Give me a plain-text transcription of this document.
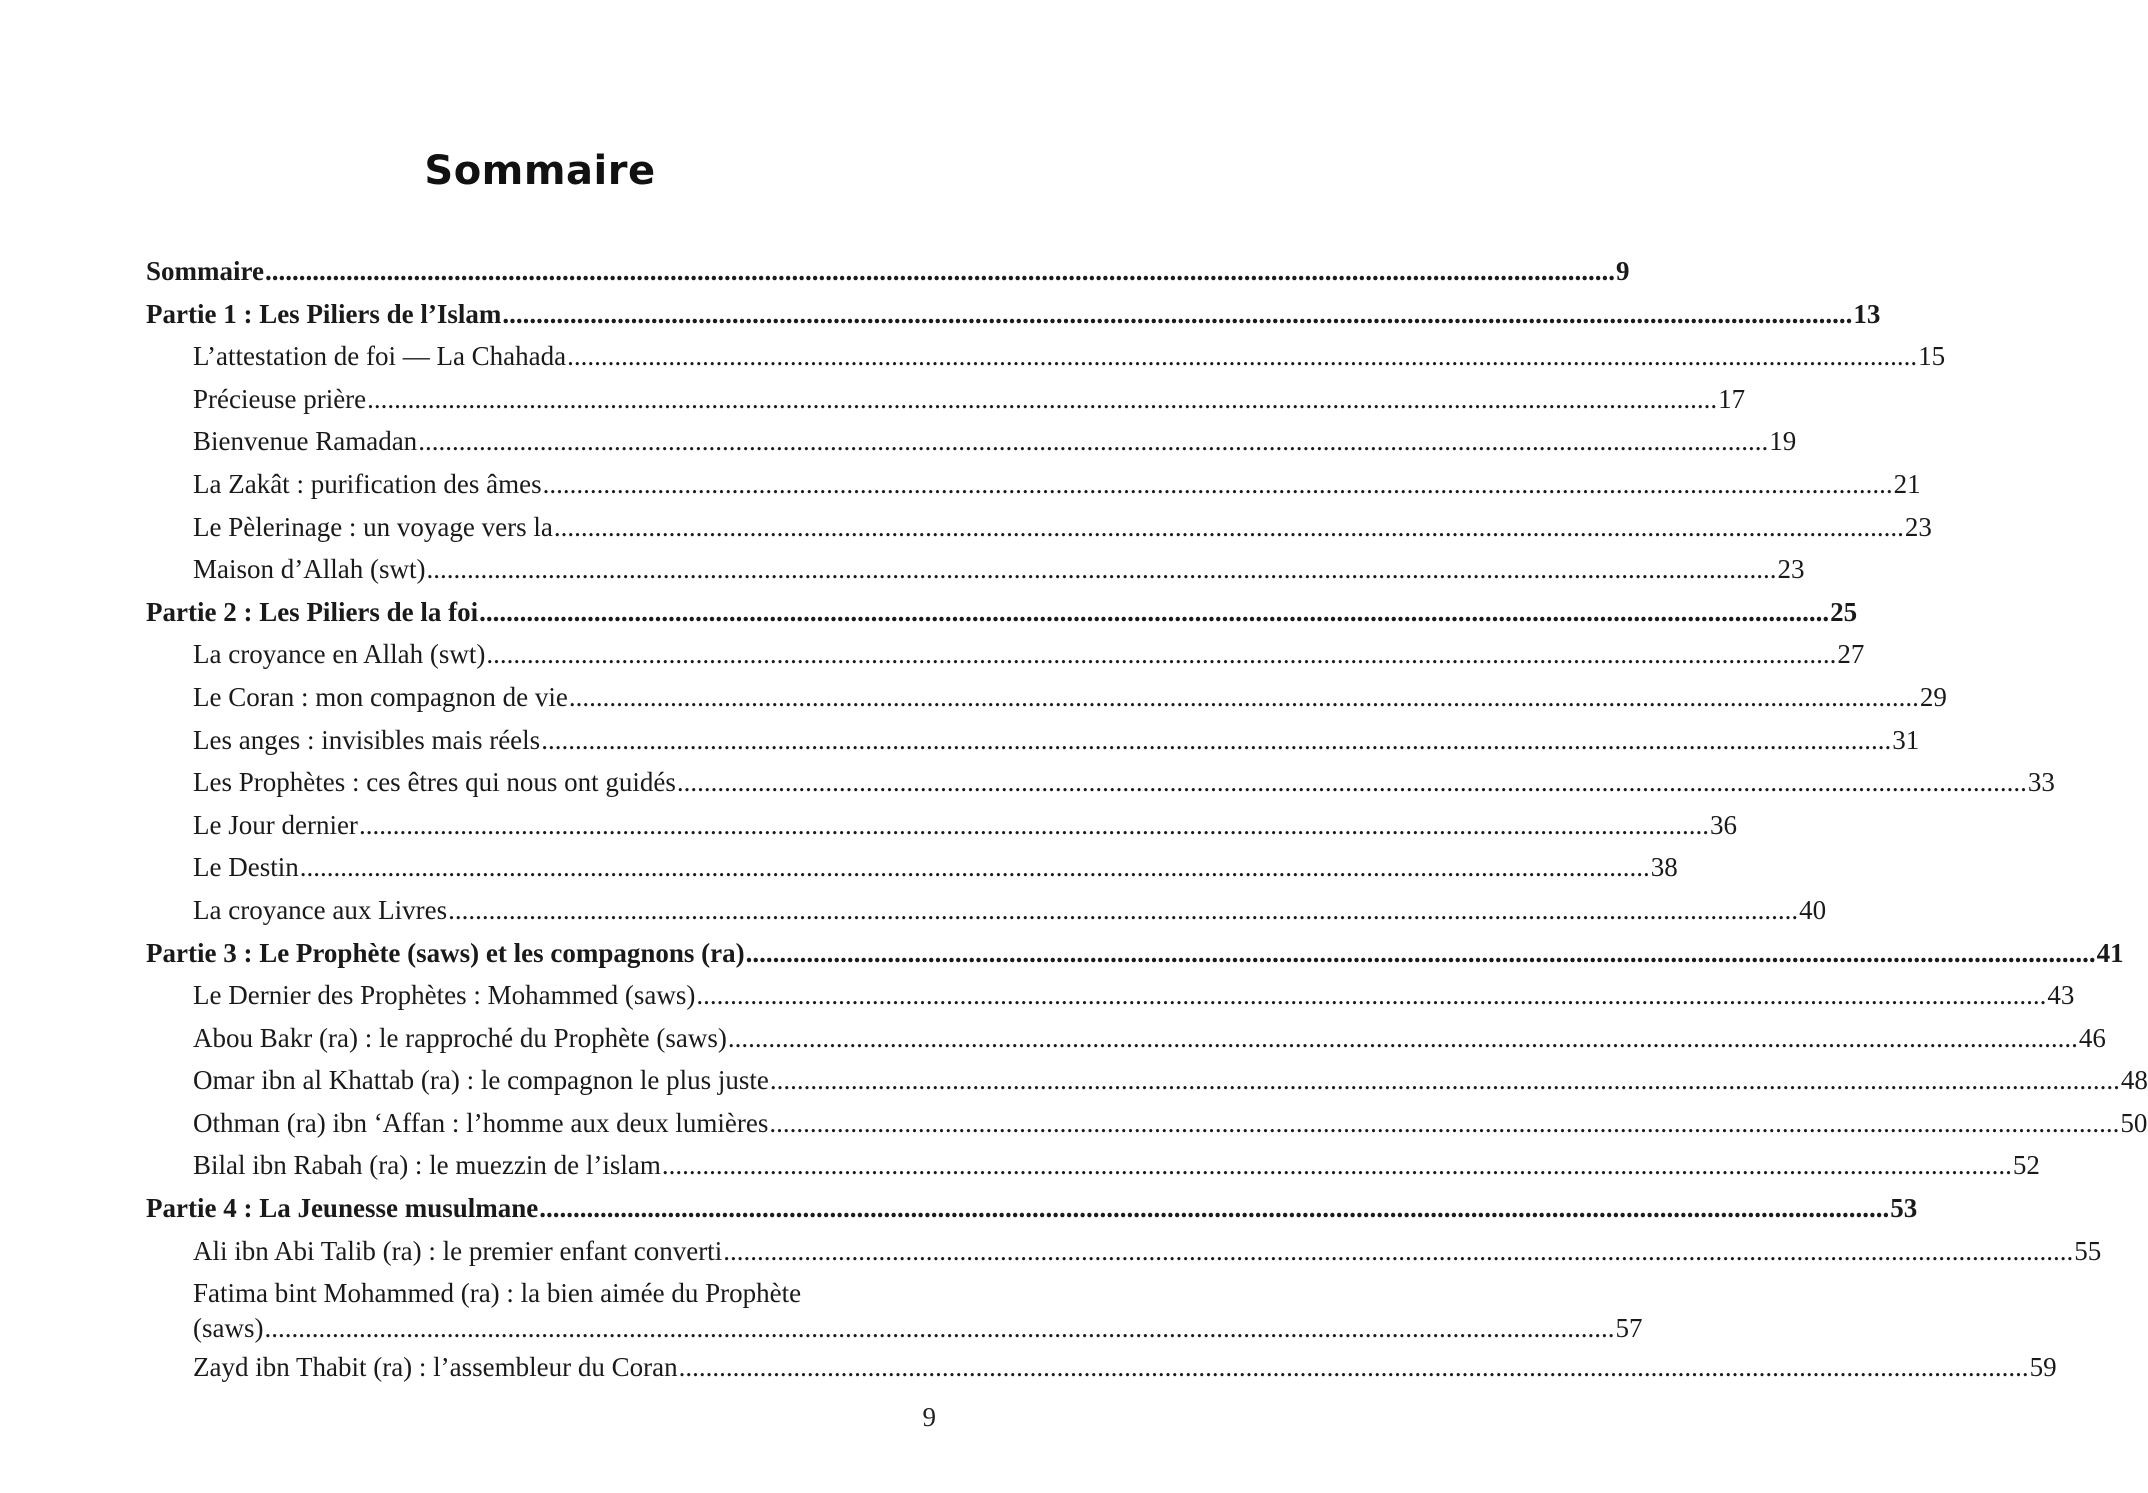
Sommaire
Sommaire .....	9
Partie 1 : Les Piliers de l’Islam .....	13
L’attestation de foi — La Chahada .....	15
Précieuse prière .....	17
Bienvenue Ramadan .....	19
La Zakât : purification des âmes .....	21
Le Pèlerinage : un voyage vers la .....	23
Maison d’Allah (swt) .....	23
Partie 2 : Les Piliers de la foi .....	25
La croyance en Allah (swt) .....	27
Le Coran : mon compagnon de vie .....	29
Les anges : invisibles mais réels .....	31
Les Prophètes : ces êtres qui nous ont guidés .....	33
Le Jour dernier .....	36
Le Destin .....	38
La croyance aux Livres .....	40
Partie 3 : Le Prophète (saws) et les compagnons (ra) .....	41
Le Dernier des Prophètes : Mohammed (saws) .....	43
Abou Bakr (ra) : le rapproché du Prophète (saws) .....	46
Omar ibn al Khattab (ra) : le compagnon le plus juste .....	48
Othman (ra) ibn ‘Affan : l’homme aux deux lumières .....	50
Bilal ibn Rabah (ra) : le muezzin de l’islam .....	52
Partie 4 : La Jeunesse musulmane .....	53
Ali ibn Abi Talib (ra) : le premier enfant converti .....	55
Fatima bint Mohammed (ra) : la bien aimée du Prophète
(saws) .....	57
Zayd ibn Thabit (ra) : l’assembleur du Coran .....	59
9
